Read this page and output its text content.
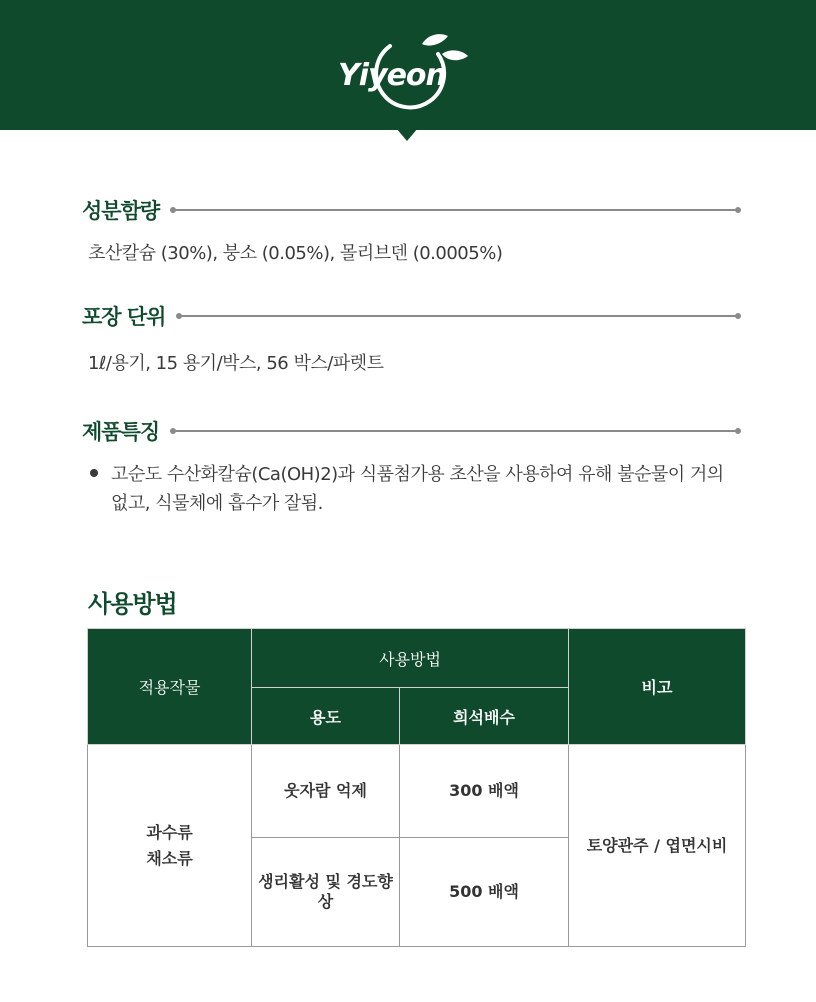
Yiyeon
성분함량
초산칼슘 (30%), 붕소 (0.05%), 몰리브덴 (0.0005%)
포장 단위
1ℓ/용기, 15 용기/박스, 56 박스/파렛트
제품특징
고순도 수산화칼슘(Ca(OH)2)과 식품첨가용 초산을 사용하여 유해 불순물이 거의 없고, 식물체에 흡수가 잘됨.
사용방법
적용작물	사용방법		비고
	용도	희석배수	

과수류
채소류	웃자람 억제	300 배액	토양관주 / 엽면시비
	생리활성 및 경도향상	500 배액	
